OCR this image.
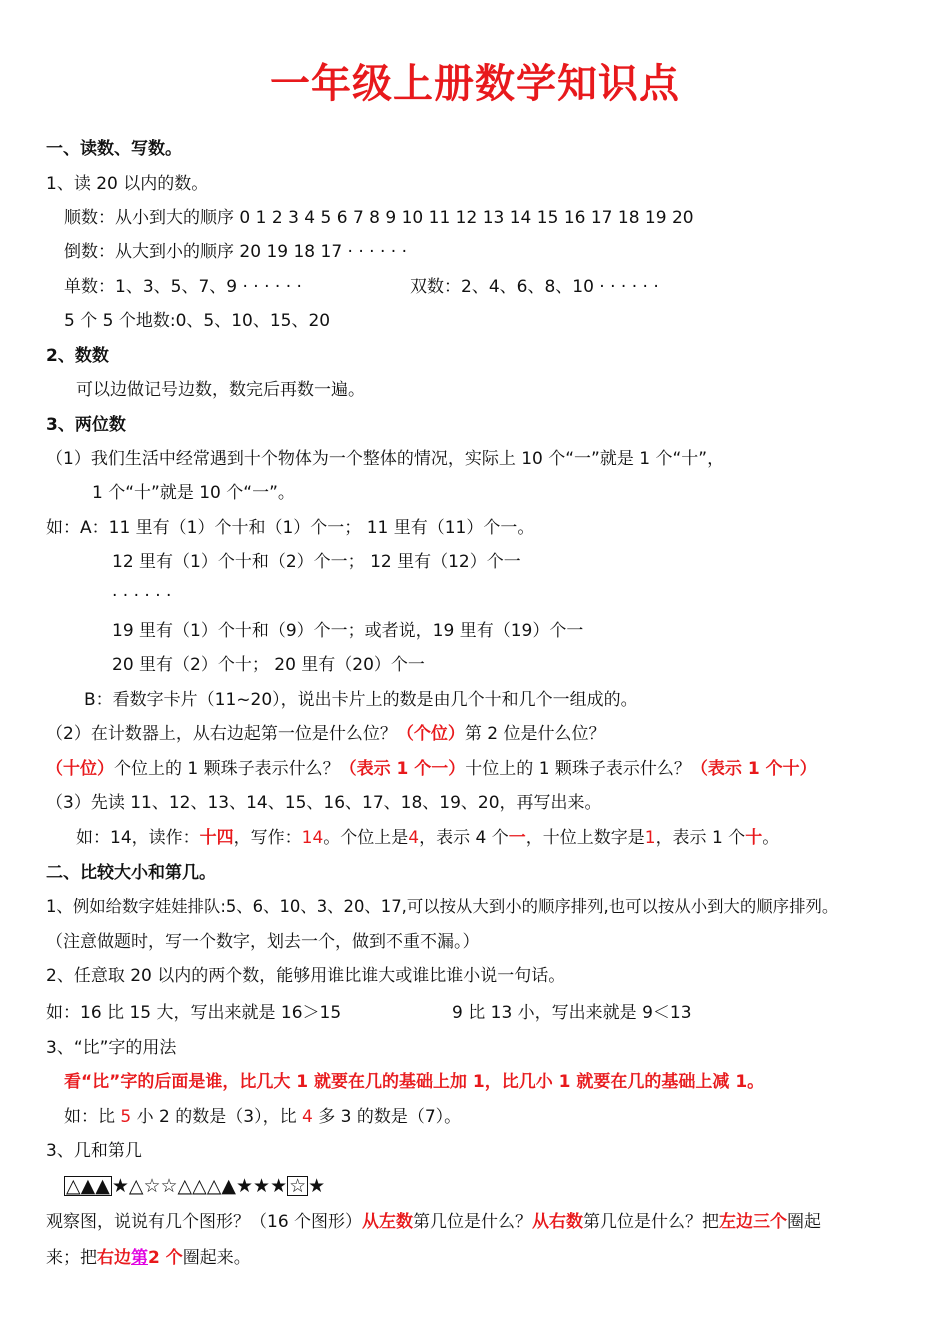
一年级上册数学知识点
一、读数、写数。
1、读 20 以内的数。
顺数：从小到大的顺序 0 1 2 3 4 5 6 7 8 9 10 11 12 13 14 15 16 17 18 19 20
倒数：从大到小的顺序 20 19 18 17 · · · · · ·
单数：1、3、5、7、9 · · · · · ·	双数：2、4、6、8、10 · · · · · ·
5 个 5 个地数:0、5、10、15、20
2、数数
可以边做记号边数，数完后再数一遍。
3、两位数
（1）我们生活中经常遇到十个物体为一个整体的情况，实际上 10 个“一”就是 1 个“十”，
1 个“十”就是 10 个“一”。
如：A：11 里有（1）个十和（1）个一； 11 里有（11）个一。
12 里有（1）个十和（2）个一； 12 里有（12）个一
· · · · · ·
19 里有（1）个十和（9）个一；或者说，19 里有（19）个一
20 里有（2）个十； 20 里有（20）个一
B：看数字卡片（11~20），说出卡片上的数是由几个十和几个一组成的。
（2）在计数器上，从右边起第一位是什么位？（个位）第 2 位是什么位？
（十位）个位上的 1 颗珠子表示什么？（表示 1 个一）十位上的 1 颗珠子表示什么？（表示 1 个十）
（3）先读 11、12、13、14、15、16、17、18、19、20，再写出来。
如：14，读作：十四，写作：14。个位上是4，表示 4 个一，十位上数字是1，表示 1 个十。
二、比较大小和第几。
1、例如给数字娃娃排队:5、6、10、3、20、17,可以按从大到小的顺序排列,也可以按从小到大的顺序排列。
（注意做题时，写一个数字，划去一个，做到不重不漏。）
2、任意取 20 以内的两个数，能够用谁比谁大或谁比谁小说一句话。
如：16 比 15 大，写出来就是 16＞15	9 比 13 小，写出来就是 9＜13
3、“比”字的用法
看“比”字的后面是谁，比几大 1 就要在几的基础上加 1，比几小 1 就要在几的基础上减 1。
如：比 5 小 2 的数是（3），比 4 多 3 的数是（7）。
3、几和第几
△▲▲ ★△☆☆△△△▲★★★ ☆ ★
观察图，说说有几个图形？（16 个图形）从左数第几位是什么？从右数第几位是什么？把左边三个圈起
来；把右边第2 个圈起来。
